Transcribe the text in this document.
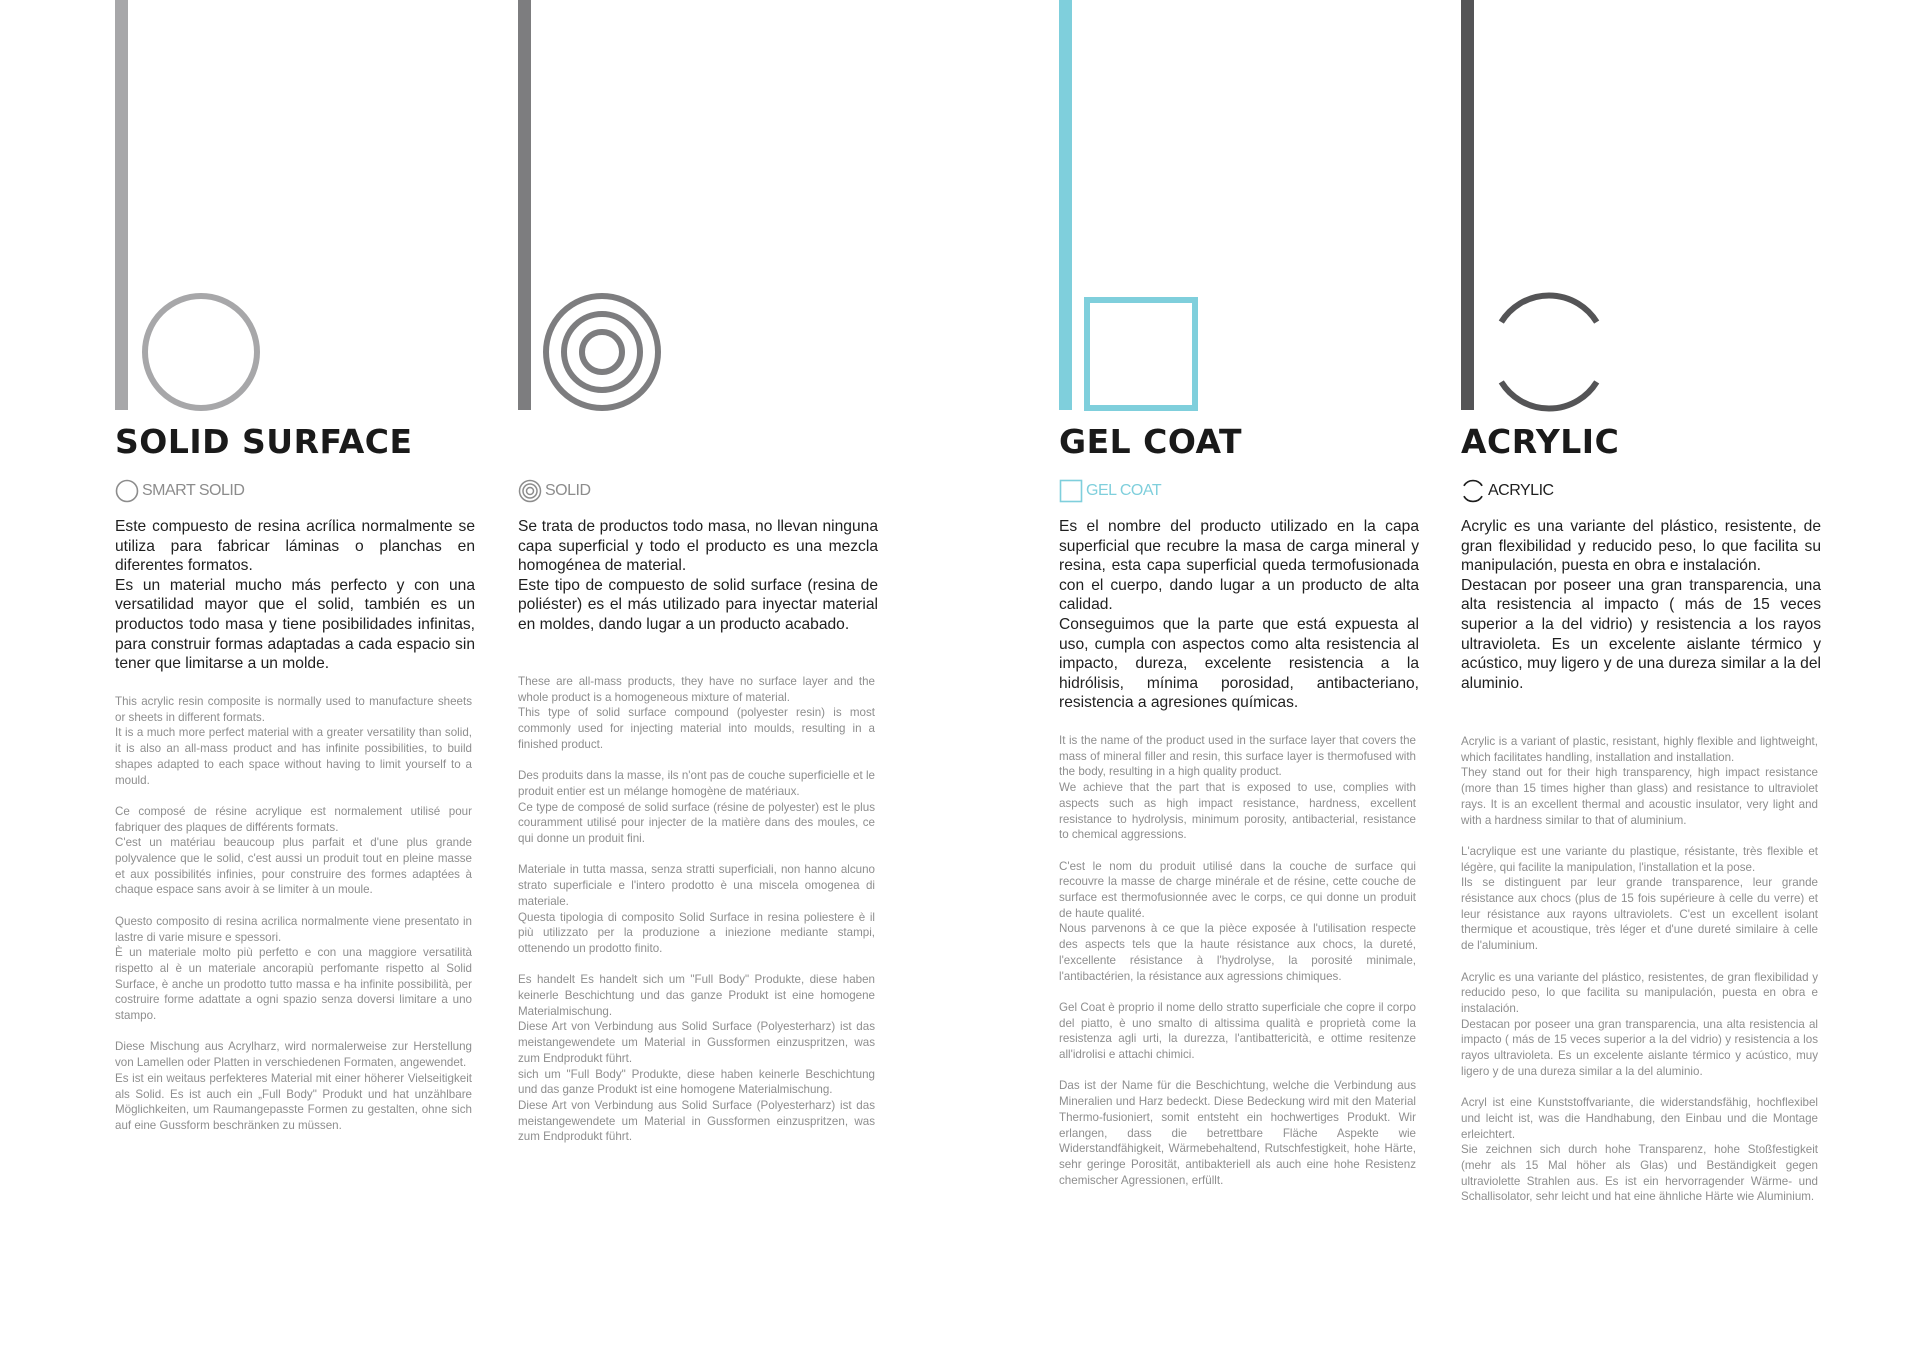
SOLID SURFACE
SMART SOLID

Este compuesto de resina acrílica normalmente se utiliza para fabricar láminas o planchas en diferentes formatos.

Es un material mucho más perfecto y con una versatilidad mayor que el solid, también es un productos todo masa y tiene posibilidades infinitas, para construir formas adaptadas a cada espacio sin tener que limitarse a un molde.

This acrylic resin composite is normally used to manufacture sheets or sheets in different formats.

It is a much more perfect material with a greater versatility than solid, it is also an all-mass product and has infinite possibilities, to build shapes adapted to each space without having to limit yourself to a mould.

Ce composé de résine acrylique est normalement utilisé pour fabriquer des plaques de différents formats.

C'est un matériau beaucoup plus parfait et d'une plus grande polyvalence que le solid, c'est aussi un produit tout en pleine masse et aux possibilités infinies, pour construire des formes adaptées à chaque espace sans avoir à se limiter à un moule.

Questo composito di resina acrilica normalmente viene presentato in lastre di varie misure e spessori.

È un materiale molto più perfetto e con una maggiore versatilità rispetto al è un materiale ancorapiù perfomante rispetto al Solid Surface, è anche un prodotto tutto massa e ha infinite possibilità, per costruire forme adattate a ogni spazio senza doversi limitare a uno stampo.

Diese Mischung aus Acrylharz, wird normalerweise zur Herstellung von Lamellen oder Platten in verschiedenen Formaten, angewendet.

Es ist ein weitaus perfekteres Material mit einer höherer Vielseitigkeit als Solid. Es ist auch ein „Full Body" Produkt und hat unzählbare Möglichkeiten, um Raumangepasste Formen zu gestalten, ohne sich auf eine Gussform beschränken zu müssen.

SOLID

Se trata de productos todo masa, no llevan ninguna capa superficial y todo el producto es una mezcla homogénea de material.

Este tipo de compuesto de solid surface (resina de poliéster) es el más utilizado para inyectar material en moldes, dando lugar a un producto acabado.

These are all-mass products, they have no surface layer and the whole product is a homogeneous mixture of material.

This type of solid surface compound (polyester resin) is most commonly used for injecting material into moulds, resulting in a finished product.

Des produits dans la masse, ils n'ont pas de couche superficielle et le produit entier est un mélange homogène de matériaux.

Ce type de composé de solid surface (résine de polyester) est le plus couramment utilisé pour injecter de la matière dans des moules, ce qui donne un produit fini.

Materiale in tutta massa, senza stratti superficiali, non hanno alcuno strato superficiale e l'intero prodotto è una miscela omogenea di materiale.

Questa tipologia di composito Solid Surface in resina poliestere è il più utilizzato per la produzione a iniezione mediante stampi, ottenendo un prodotto finito.

Es handelt Es handelt sich um "Full Body" Produkte, diese haben keinerle Beschichtung und das ganze Produkt ist eine homogene Materialmischung.

Diese Art von Verbindung aus Solid Surface (Polyesterharz) ist das meistangewendete um Material in Gussformen einzuspritzen, was zum Endprodukt führt.

sich um "Full Body" Produkte, diese haben keinerle Beschichtung und das ganze Produkt ist eine homogene Materialmischung.

Diese Art von Verbindung aus Solid Surface (Polyesterharz) ist das meistangewendete um Material in Gussformen einzuspritzen, was zum Endprodukt führt.

GEL COAT
GEL COAT

Es el nombre del producto utilizado en la capa superficial que recubre la masa de carga mineral y resina, esta capa superficial queda termofusionada con el cuerpo, dando lugar a un producto de alta calidad.

Conseguimos que la parte que está expuesta al uso, cumpla con aspectos como alta resistencia al impacto, dureza, excelente resistencia a la hidrólisis, mínima porosidad, antibacteriano, resistencia a agresiones químicas.

It is the name of the product used in the surface layer that covers the mass of mineral filler and resin, this surface layer is thermofused with the body, resulting in a high quality product.

We achieve that the part that is exposed to use, complies with aspects such as high impact resistance, hardness, excellent resistance to hydrolysis, minimum porosity, antibacterial, resistance to chemical aggressions.

C'est le nom du produit utilisé dans la couche de surface qui recouvre la masse de charge minérale et de résine, cette couche de surface est thermofusionnée avec le corps, ce qui donne un produit de haute qualité.

Nous parvenons à ce que la pièce exposée à l'utilisation respecte des aspects tels que la haute résistance aux chocs, la dureté, l'excellente résistance à l'hydrolyse, la porosité minimale, l'antibactérien, la résistance aux agressions chimiques.

Gel Coat è proprio il nome dello stratto superficiale che copre il corpo del piatto, è uno smalto di altissima qualità e proprietà come la resistenza agli urti, la durezza, l'antibattericità, e ottime resitenze all'idrolisi e attachi chimici.

Das ist der Name für die Beschichtung, welche die Verbindung aus Mineralien und Harz bedeckt. Diese Bedeckung wird mit den Material Thermo-fusioniert, somit entsteht ein hochwertiges Produkt. Wir erlangen, dass die betrettbare Fläche Aspekte wie Widerstandfähigkeit, Wärmebehaltend, Rutschfestigkeit, hohe Härte, sehr geringe Porosität, antibakteriell als auch eine hohe Resistenz chemischer Agressionen, erfüllt.

ACRYLIC
ACRYLIC

Acrylic es una variante del plástico, resistente, de gran flexibilidad y reducido peso, lo que facilita su manipulación, puesta en obra e instalación.

Destacan por poseer una gran transparencia, una alta resistencia al impacto ( más de 15 veces superior a la del vidrio) y resistencia a los rayos ultravioleta. Es un excelente aislante térmico y acústico, muy ligero y de una dureza similar a la del aluminio.

Acrylic is a variant of plastic, resistant, highly flexible and lightweight, which facilitates handling, installation and installation.

They stand out for their high transparency, high impact resistance (more than 15 times higher than glass) and resistance to ultraviolet rays. It is an excellent thermal and acoustic insulator, very light and with a hardness similar to that of aluminium.

L'acrylique est une variante du plastique, résistante, très flexible et légère, qui facilite la manipulation, l'installation et la pose.

Ils se distinguent par leur grande transparence, leur grande résistance aux chocs (plus de 15 fois supérieure à celle du verre) et leur résistance aux rayons ultraviolets. C'est un excellent isolant thermique et acoustique, très léger et d'une dureté similaire à celle de l'aluminium.

Acrylic es una variante del plástico, resistentes, de gran flexibilidad y reducido peso, lo que facilita su manipulación, puesta en obra e instalación.

Destacan por poseer una gran transparencia, una alta resistencia al impacto ( más de 15 veces superior a la del vidrio) y resistencia a los rayos ultravioleta. Es un excelente aislante térmico y acústico, muy ligero y de una dureza similar a la del aluminio.

Acryl ist eine Kunststoffvariante, die widerstandsfähig, hochflexibel und leicht ist, was die Handhabung, den Einbau und die Montage erleichtert.

Sie zeichnen sich durch hohe Transparenz, hohe Stoßfestigkeit (mehr als 15 Mal höher als Glas) und Beständigkeit gegen ultraviolette Strahlen aus. Es ist ein hervorragender Wärme- und Schallisolator, sehr leicht und hat eine ähnliche Härte wie Aluminium.
